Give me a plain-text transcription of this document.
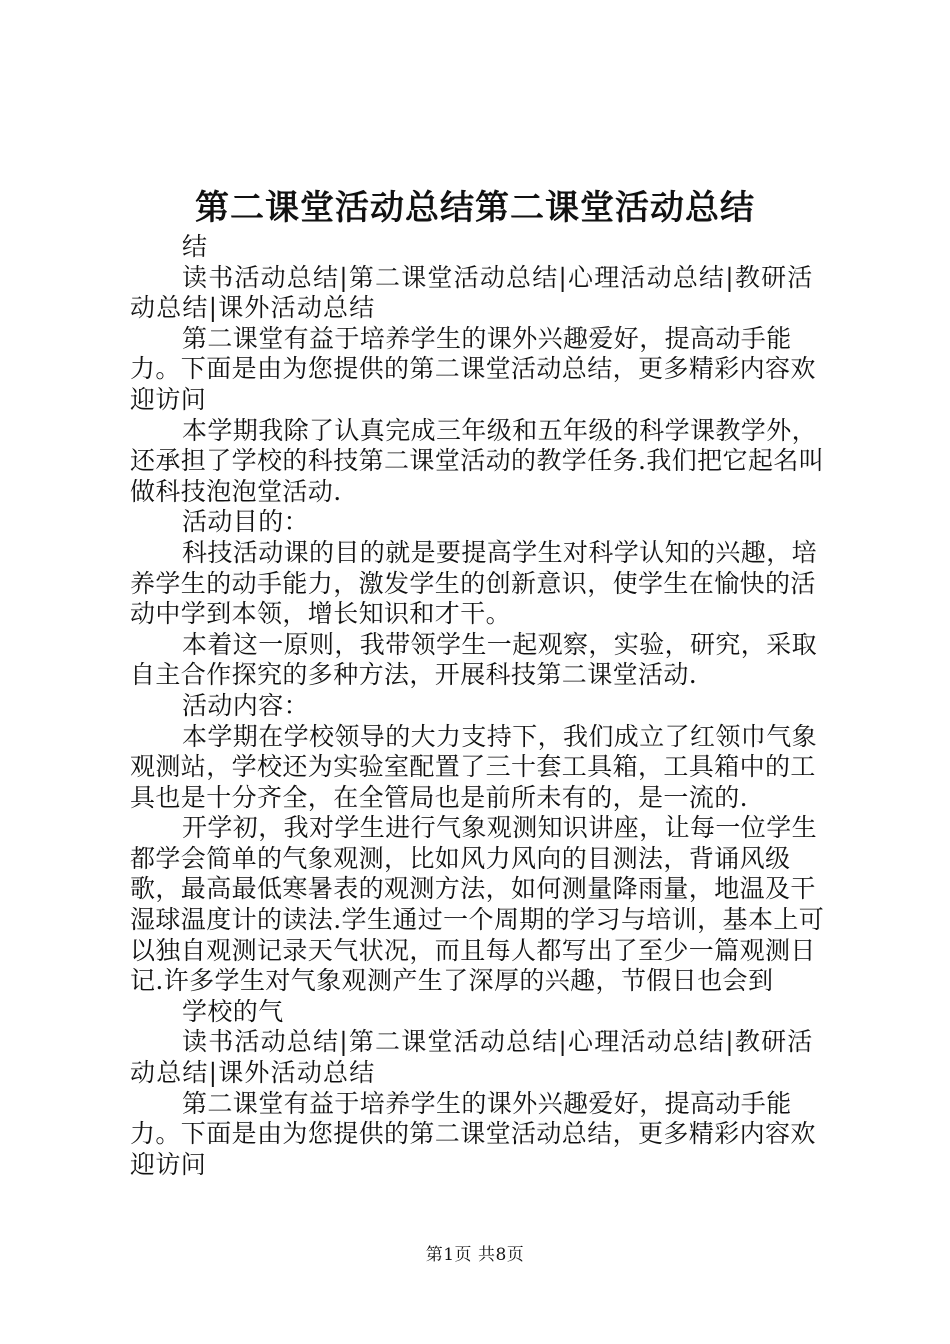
第二课堂活动总结第二课堂活动总结

结

读书活动总结|第二课堂活动总结|心理活动总结|教研活动总结|课外活动总结

第二课堂有益于培养学生的课外兴趣爱好，提高动手能力。下面是由为您提供的第二课堂活动总结，更多精彩内容欢迎访问

本学期我除了认真完成三年级和五年级的科学课教学外，还承担了学校的科技第二课堂活动的教学任务.我们把它起名叫做科技泡泡堂活动.

活动目的：

科技活动课的目的就是要提高学生对科学认知的兴趣，培养学生的动手能力，激发学生的创新意识，使学生在愉快的活动中学到本领，增长知识和才干。

本着这一原则，我带领学生一起观察，实验，研究，采取自主合作探究的多种方法，开展科技第二课堂活动.

活动内容：

本学期在学校领导的大力支持下，我们成立了红领巾气象观测站，学校还为实验室配置了三十套工具箱，工具箱中的工具也是十分齐全，在全管局也是前所未有的，是一流的.

开学初，我对学生进行气象观测知识讲座，让每一位学生都学会简单的气象观测，比如风力风向的目测法，背诵风级歌，最高最低寒暑表的观测方法，如何测量降雨量，地温及干湿球温度计的读法.学生通过一个周期的学习与培训，基本上可以独自观测记录天气状况，而且每人都写出了至少一篇观测日记.许多学生对气象观测产生了深厚的兴趣，节假日也会到

学校的气

读书活动总结|第二课堂活动总结|心理活动总结|教研活动总结|课外活动总结

第二课堂有益于培养学生的课外兴趣爱好，提高动手能力。下面是由为您提供的第二课堂活动总结，更多精彩内容欢迎访问

第1页 共8页
